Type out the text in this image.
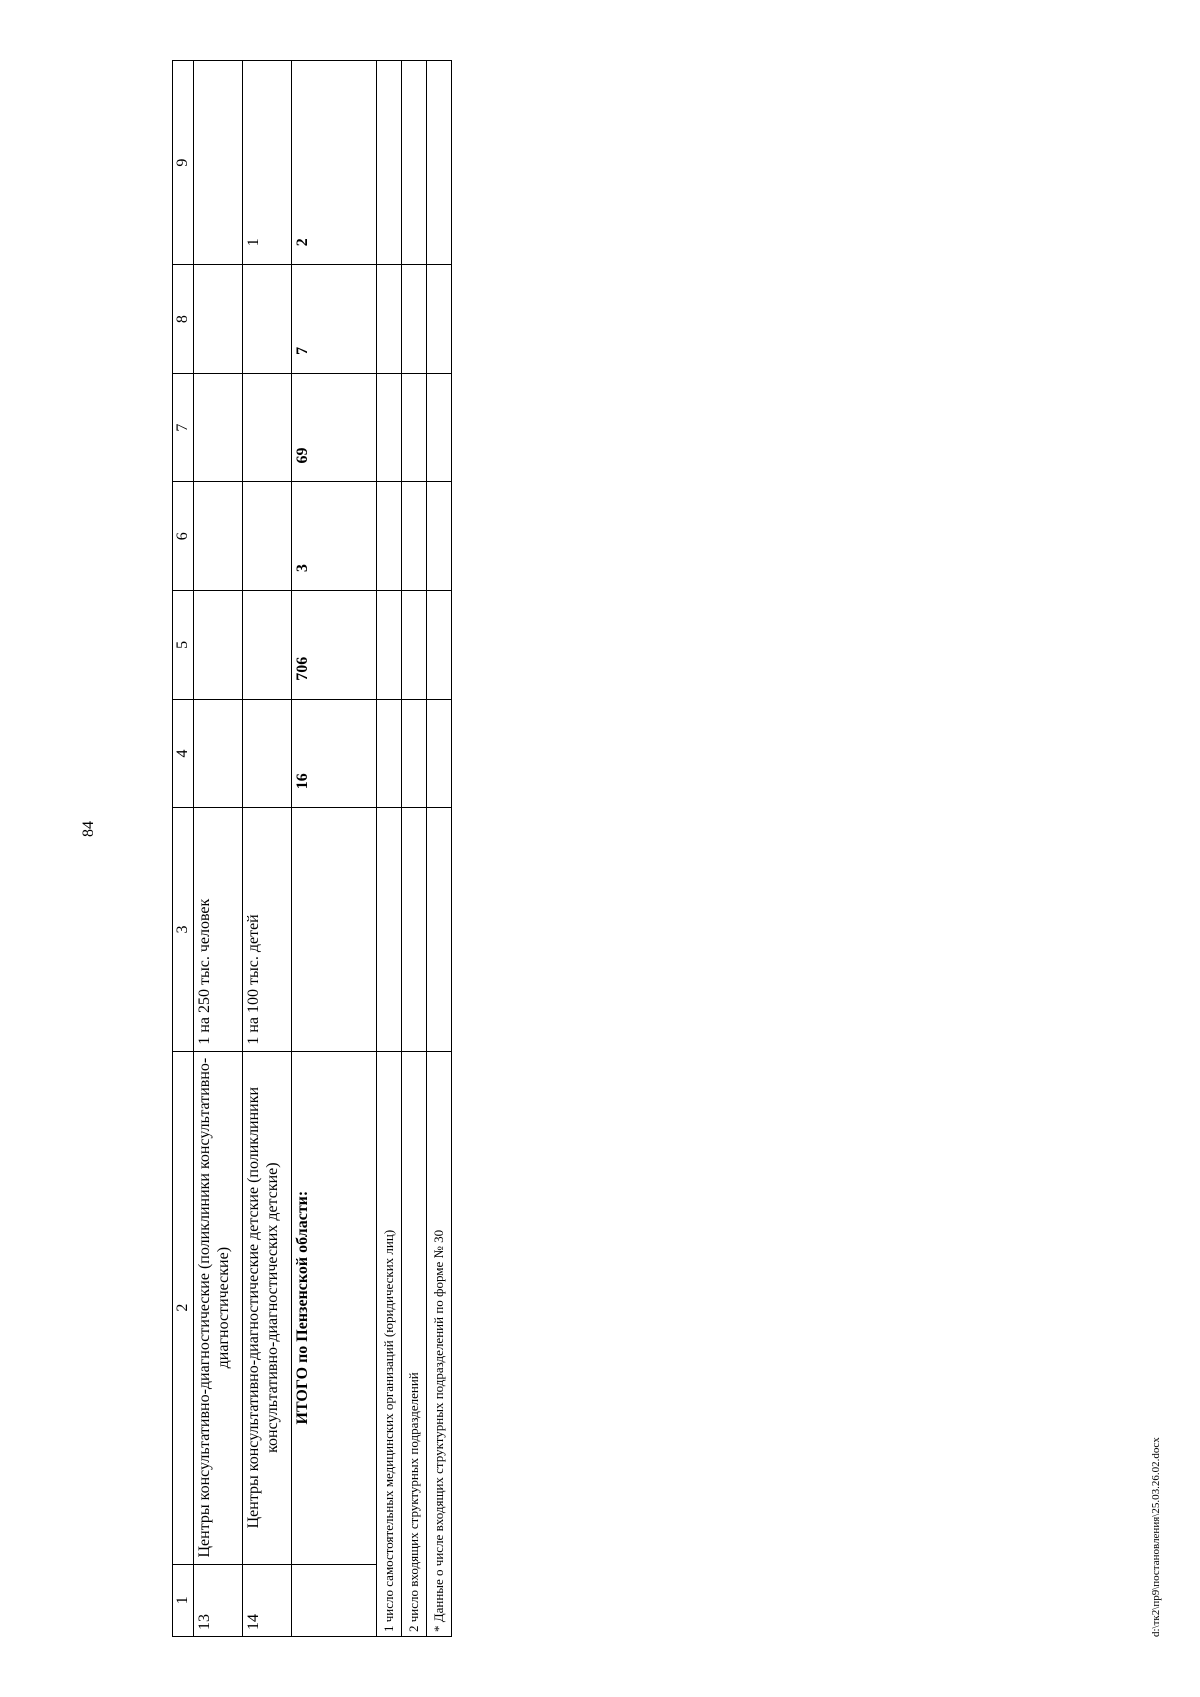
84
1	2	3	4	5	6	7	8	9
13	Центры консультативно-диагностические (поликлиники консультативно-диагностические)	1 на 250 тыс. человек						
14	Центры консультативно-диагностические детские (поликлиники консультативно-диагностических детские)	1 на 100 тыс. детей						1
	ИТОГО по Пензенской области:		16	706	3	69	7	2
1 число самостоятельных медицинских организаций (юридических лиц)								
2 число входящих структурных подразделений								
* Данные о числе входящих структурных подразделений по форме № 30									d:\тк2\пр9\постановления\25.03.26.02.docx
